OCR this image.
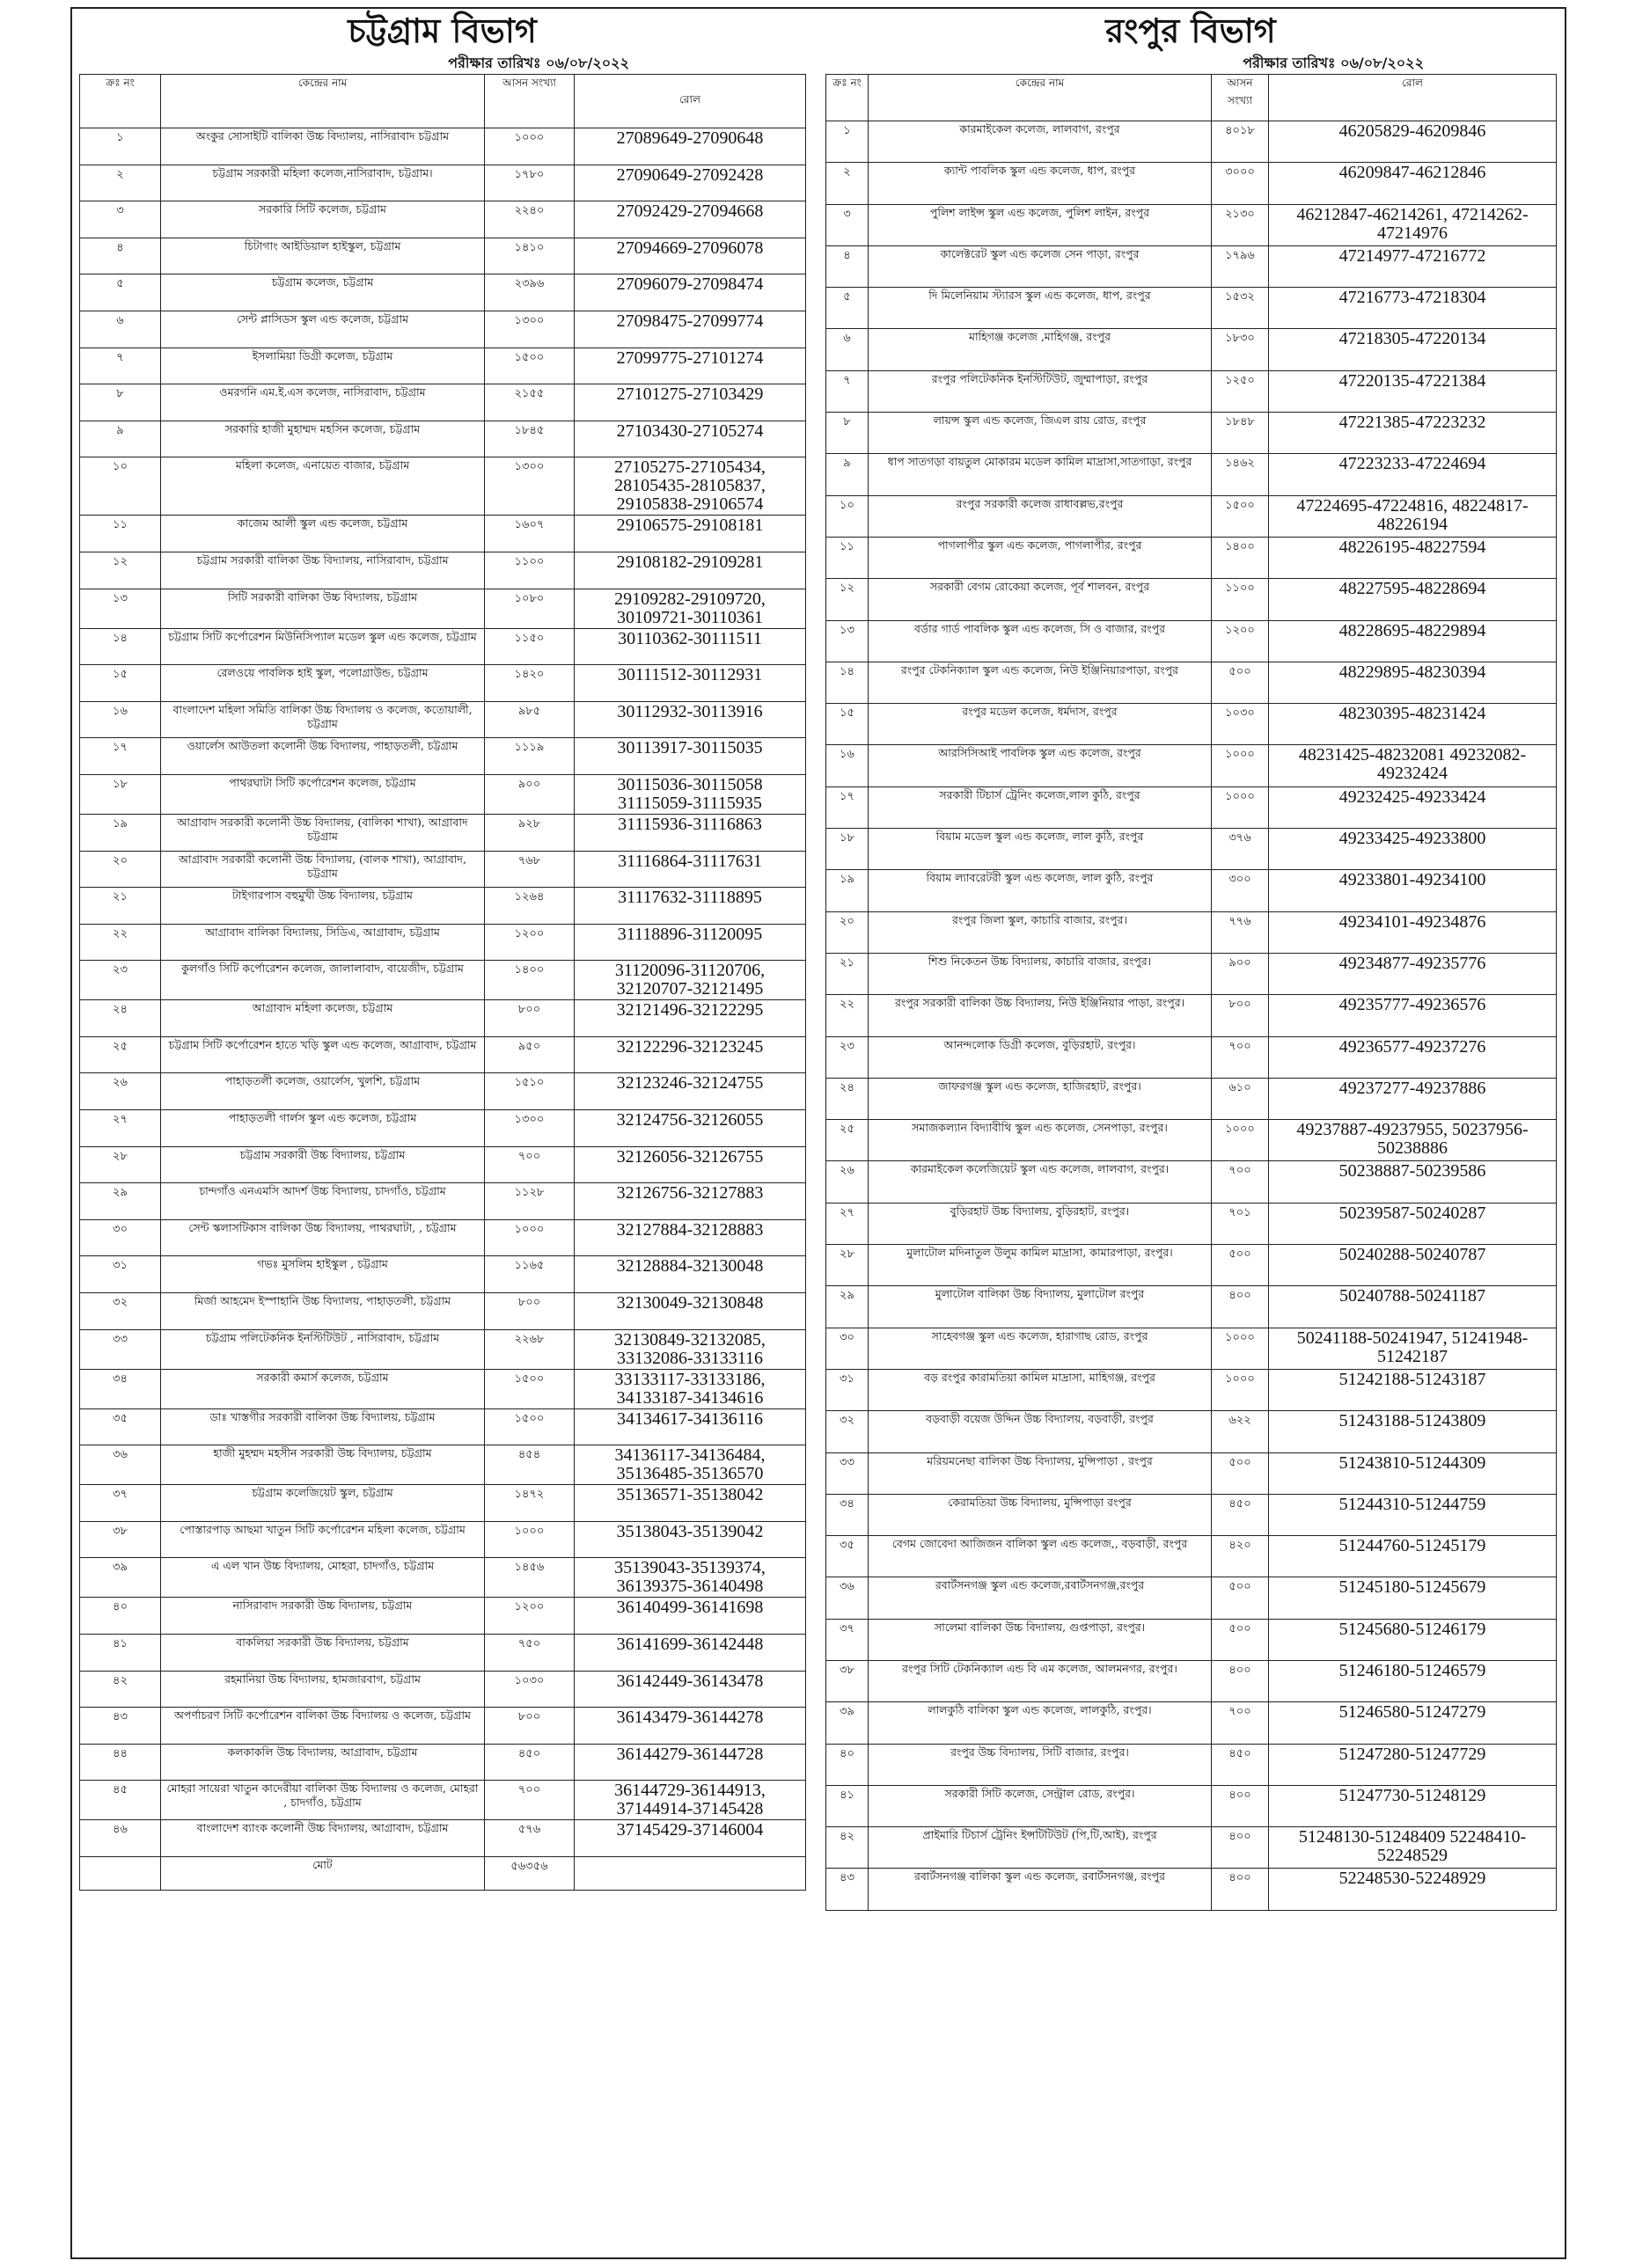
চট্টগ্রাম বিভাগ
পরীক্ষার তারিখঃ ০৬/০৮/২০২২
ক্রঃ নং	কেন্দ্রের নাম	আসন সংখ্যা	রোল
১	অংকুর সোসাইটি বালিকা উচ্চ বিদ্যালয়, নাসিরাবাদ চট্টগ্রাম	১০০০	27089649-27090648
২	চট্টগ্রাম সরকারী মহিলা কলেজ,নাসিরাবাদ, চট্টগ্রাম।	১৭৮০	27090649-27092428
৩	সরকারি সিটি কলেজ, চট্টগ্রাম	২২৪০	27092429-27094668
৪	চিটাগাং আইডিয়াল হাইস্কুল, চট্টগ্রাম	১৪১০	27094669-27096078
৫	চট্টগ্রাম কলেজ, চট্টগ্রাম	২৩৯৬	27096079-27098474
৬	সেন্ট প্লাসিডস স্কুল এন্ড কলেজ, চট্টগ্রাম	১৩০০	27098475-27099774
৭	ইসলামিয়া ডিগ্রী কলেজ, চট্টগ্রাম	১৫০০	27099775-27101274
৮	ওমরগনি এম.ই.এস কলেজ, নাসিরাবাদ, চট্টগ্রাম	২১৫৫	27101275-27103429
৯	সরকারি হাজী মুহাম্মদ মহসিন কলেজ, চট্টগ্রাম	১৮৪৫	27103430-27105274
১০	মহিলা কলেজ, এনায়েত বাজার, চট্টগ্রাম	১৩০০	27105275-27105434, 28105435-28105837, 29105838-29106574
১১	কাজেম আলী স্কুল এন্ড কলেজ, চট্টগ্রাম	১৬০৭	29106575-29108181
১২	চট্টগ্রাম সরকারী বালিকা উচ্চ বিদ্যালয়, নাসিরাবাদ, চট্টগ্রাম	১১০০	29108182-29109281
১৩	সিটি সরকারী বালিকা উচ্চ বিদ্যালয়, চট্টগ্রাম	১০৮০	29109282-29109720, 30109721-30110361
১৪	চট্টগ্রাম সিটি কর্পোরেশন মিউনিসিপ্যাল মডেল স্কুল এন্ড কলেজ, চট্টগ্রাম	১১৫০	30110362-30111511
১৫	রেলওয়ে পাবলিক হাই স্কুল, পলোগ্রাউন্ড, চট্টগ্রাম	১৪২০	30111512-30112931
১৬	বাংলাদেশ মহিলা সমিতি বালিকা উচ্চ বিদ্যালয় ও কলেজ, কতোয়ালী, চট্টগ্রাম	৯৮৫	30112932-30113916
১৭	ওয়ার্লেস আউতলা কলোনী উচ্চ বিদ্যালয়, পাহাড়তলী, চট্টগ্রাম	১১১৯	30113917-30115035
১৮	পাথরঘাটা সিটি কর্পোরেশন কলেজ, চট্টগ্রাম	৯০০	30115036-30115058 31115059-31115935
১৯	আগ্রাবাদ সরকারী কলোনী উচ্চ বিদ্যালয়, (বালিকা শাখা), আগ্রাবাদ চট্টগ্রাম	৯২৮	31115936-31116863
২০	আগ্রাবাদ সরকারী কলোনী উচ্চ বিদ্যালয়, (বালক শাখা), আগ্রাবাদ, চট্টগ্রাম	৭৬৮	31116864-31117631
২১	টাইগারপাস বহুমুখী উচ্চ বিদ্যালয়, চট্টগ্রাম	১২৬৪	31117632-31118895
২২	আগ্রাবাদ বালিকা বিদ্যালয়, সিডিএ, আগ্রাবাদ, চট্টগ্রাম	১২০০	31118896-31120095
২৩	কুলগাঁও সিটি কর্পোরেশন কলেজ, জালালাবাদ, বায়েজীদ, চট্টগ্রাম	১৪০০	31120096-31120706, 32120707-32121495
২৪	আগ্রাবাদ মহিলা কলেজ, চট্টগ্রাম	৮০০	32121496-32122295
২৫	চট্টগ্রাম সিটি কর্পোরেশন হাতে খড়ি স্কুল এন্ড কলেজ, আগ্রাবাদ, চট্টগ্রাম	৯৫০	32122296-32123245
২৬	পাহাড়তলী কলেজ, ওয়ার্লেস, খুলশি, চট্টগ্রাম	১৫১০	32123246-32124755
২৭	পাহাড়তলী গার্লস স্কুল এন্ড কলেজ, চট্টগ্রাম	১৩০০	32124756-32126055
২৮	চট্টগ্রাম সরকারী উচ্চ বিদ্যালয়, চট্টগ্রাম	৭০০	32126056-32126755
২৯	চান্দগাঁও এনএমসি আদর্শ উচ্চ বিদ্যালয়, চাদগাঁও, চট্টগ্রাম	১১২৮	32126756-32127883
৩০	সেন্ট স্কলাসটিকাস বালিকা উচ্চ বিদ্যালয়, পাথরঘাটা, , চট্টগ্রাম	১০০০	32127884-32128883
৩১	গভঃ মুসলিম হাইস্কুল , চট্টগ্রাম	১১৬৫	32128884-32130048
৩২	মির্জা আহমেদ ইস্পাহানি উচ্চ বিদ্যালয়, পাহাড়তলী, চট্টগ্রাম	৮০০	32130049-32130848
৩৩	চট্টগ্রাম পলিটেকনিক ইনস্টিটিউট , নাসিরাবাদ, চট্টগ্রাম	২২৬৮	32130849-32132085, 33132086-33133116
৩৪	সরকারী কমার্স কলেজ, চট্টগ্রাম	১৫০০	33133117-33133186, 34133187-34134616
৩৫	ডাঃ খাস্তগীর সরকারী বালিকা উচ্চ বিদ্যালয়, চট্টগ্রাম	১৫০০	34134617-34136116
৩৬	হাজী মুহম্মদ মহসীন সরকারী উচ্চ বিদ্যালয়, চট্টগ্রাম	৪৫৪	34136117-34136484, 35136485-35136570
৩৭	চট্টগ্রাম কলেজিয়েট স্কুল, চট্টগ্রাম	১৪৭২	35136571-35138042
৩৮	পোস্তারপাড় আছমা খাতুন সিটি কর্পোরেশন মহিলা কলেজ, চট্টগ্রাম	১০০০	35138043-35139042
৩৯	এ এল খান উচ্চ বিদ্যালয়, মোহরা, চাদগাঁও, চট্টগ্রাম	১৪৫৬	35139043-35139374, 36139375-36140498
৪০	নাসিরাবাদ সরকারী উচ্চ বিদ্যালয়, চট্টগ্রাম	১২০০	36140499-36141698
৪১	বাকলিয়া সরকারী উচ্চ বিদ্যালয়, চট্টগ্রাম	৭৫০	36141699-36142448
৪২	রহমানিয়া উচ্চ বিদ্যালয়, হামজারবাগ, চট্টগ্রাম	১০৩০	36142449-36143478
৪৩	অপর্ণাচরণ সিটি কর্পোরেশন বালিকা উচ্চ বিদ্যালয় ও কলেজ, চট্টগ্রাম	৮০০	36143479-36144278
৪৪	কলকাকলি উচ্চ বিদ্যালয়, আগ্রাবাদ, চট্টগ্রাম	৪৫০	36144279-36144728
৪৫	মোহরা সায়েরা খাতুন কাদেরীয়া বালিকা উচ্চ বিদ্যালয় ও কলেজ, মোহরা , চাদগাঁও, চট্টগ্রাম	৭০০	36144729-36144913, 37144914-37145428
৪৬	বাংলাদেশ ব্যাংক কলোনী উচ্চ বিদ্যালয়, আগ্রাবাদ, চট্টগ্রাম	৫৭৬	37145429-37146004
	মোট	৫৬৩৫৬	
রংপুর বিভাগ
পরীক্ষার তারিখঃ ০৬/০৮/২০২২
ক্রঃ নং	কেন্দ্রের নাম	আসন সংখ্যা	রোল
১	কারমাইকেল কলেজ, লালবাগ, রংপুর	৪০১৮	46205829-46209846
২	ক্যান্ট পাবলিক স্কুল এন্ড কলেজ, ধাপ, রংপুর	৩০০০	46209847-46212846
৩	পুলিশ লাইন্স স্কুল এন্ড কলেজ, পুলিশ লাইন, রংপুর	২১৩০	46212847-46214261, 47214262-47214976
৪	কালেক্টরেট স্কুল এন্ড কলেজ সেন পাড়া, রংপুর	১৭৯৬	47214977-47216772
৫	দি মিলেনিয়াম স্ট্যারস স্কুল এন্ড কলেজ, ধাপ, রংপুর	১৫৩২	47216773-47218304
৬	মাহিগঞ্জ কলেজ ,মাহিগঞ্জ, রংপুর	১৮৩০	47218305-47220134
৭	রংপুর পলিটেকনিক ইনস্টিটিউট, জুম্মাপাড়া, রংপুর	১২৫০	47220135-47221384
৮	লায়ন্স স্কুল এন্ড কলেজ, জিএল রায় রোড, রংপুর	১৮৪৮	47221385-47223232
৯	ধাপ সাতগড়া বায়তুল মোকারম মডেল কামিল মাদ্রাসা,সাতগাড়া, রংপুর	১৪৬২	47223233-47224694
১০	রংপুর সরকারী কলেজ রাধাবল্লভ,রংপুর	১৫০০	47224695-47224816, 48224817-48226194
১১	পাগলাপীর স্কুল এন্ড কলেজ, পাগলাপীর, রংপুর	১৪০০	48226195-48227594
১২	সরকারী বেগম রোকেয়া কলেজ, পূর্ব শালবন, রংপুর	১১০০	48227595-48228694
১৩	বর্ডার গার্ড পাবলিক স্কুল এন্ড কলেজ, সি ও বাজার, রংপুর	১২০০	48228695-48229894
১৪	রংপুর টেকনিক্যাল স্কুল এন্ড কলেজ, নিউ ইঞ্জিনিয়ারপাড়া, রংপুর	৫০০	48229895-48230394
১৫	রংপুর মডেল কলেজ, ধর্মদাস, রংপুর	১০৩০	48230395-48231424
১৬	আরসিসিআই পাবলিক স্কুল এন্ড কলেজ, রংপুর	১০০০	48231425-48232081 49232082-49232424
১৭	সরকারী টিচার্স ট্রেনিং কলেজ,লাল কুঠি, রংপুর	১০০০	49232425-49233424
১৮	বিয়াম মডেল স্কুল এন্ড কলেজ, লাল কুঠি, রংপুর	৩৭৬	49233425-49233800
১৯	বিয়াম ল্যাবরেটরী স্কুল এন্ড কলেজ, লাল কুঠি, রংপুর	৩০০	49233801-49234100
২০	রংপুর জিলা স্কুল, কাচারি বাজার, রংপুর।	৭৭৬	49234101-49234876
২১	শিশু নিকেতন উচ্চ বিদ্যালয়, কাচারি বাজার, রংপুর।	৯০০	49234877-49235776
২২	রংপুর সরকারী বালিকা উচ্চ বিদ্যালয়, নিউ ইঞ্জিনিয়ার পাড়া, রংপুর।	৮০০	49235777-49236576
২৩	আনন্দলোক ডিগ্রী কলেজ, বুড়িরহাট, রংপুর।	৭০০	49236577-49237276
২৪	জাফরগঞ্জ স্কুল এন্ড কলেজ, হাজিরহাট, রংপুর।	৬১০	49237277-49237886
২৫	সমাজকল্যান বিদ্যাবীথি স্কুল এন্ড কলেজ, সেনপাড়া, রংপুর।	১০০০	49237887-49237955, 50237956-50238886
২৬	কারমাইকেল কলেজিয়েট স্কুল এন্ড কলেজ, লালবাগ, রংপুর।	৭০০	50238887-50239586
২৭	বুড়িরহাট উচ্চ বিদ্যালয়, বুড়িরহাট, রংপুর।	৭০১	50239587-50240287
২৮	মুলাটোল মদিনাতুল উলুম কামিল মাদ্রাসা, কামারপাড়া, রংপুর।	৫০০	50240288-50240787
২৯	মুলাটোল বালিকা উচ্চ বিদ্যালয়, মুলাটোল রংপুর	৪০০	50240788-50241187
৩০	সাহেবগঞ্জ স্কুল এন্ড কলেজ, হারাগাছ রোড, রংপুর	১০০০	50241188-50241947, 51241948-51242187
৩১	বড় রংপুর কারামতিয়া কামিল মাদ্রাসা, মাহিগঞ্জ, রংপুর	১০০০	51242188-51243187
৩২	বড়বাড়ী বয়েজ উদ্দিন উচ্চ বিদ্যালয়, বড়বাড়ী, রংপুর	৬২২	51243188-51243809
৩৩	মরিয়মনেছা বালিকা উচ্চ বিদ্যালয়, মুন্সিপাড়া , রংপুর	৫০০	51243810-51244309
৩৪	কেরামতিয়া উচ্চ বিদ্যালয়, মুন্সিপাড়া রংপুর	৪৫০	51244310-51244759
৩৫	বেগম জোবেদা আজিজন বালিকা স্কুল এন্ড কলেজ,, বড়বাড়ী, রংপুর	৪২০	51244760-51245179
৩৬	রবার্টসনগঞ্জ স্কুল এন্ড কলেজ,রবার্টসনগঞ্জ,রংপুর	৫০০	51245180-51245679
৩৭	সালেমা বালিকা উচ্চ বিদ্যালয়, গুপ্তপাড়া, রংপুর।	৫০০	51245680-51246179
৩৮	রংপুর সিটি টেকনিক্যাল এন্ড বি এম কলেজ, আলমনগর, রংপুর।	৪০০	51246180-51246579
৩৯	লালকুঠি বালিকা স্কুল এন্ড কলেজ, লালকুঠি, রংপুর।	৭০০	51246580-51247279
৪০	রংপুর উচ্চ বিদ্যালয়, সিটি বাজার, রংপুর।	৪৫০	51247280-51247729
৪১	সরকারী সিটি কলেজ, সেন্ট্রাল রোড, রংপুর।	৪০০	51247730-51248129
৪২	প্রাইমারি টিচার্স ট্রেনিং ইন্সটিটিউট (পি,টি,আই), রংপুর	৪০০	51248130-51248409 52248410-52248529
৪৩	রবার্টসনগঞ্জ বালিকা স্কুল এন্ড কলেজ, রবার্টসনগঞ্জ, রংপুর	৪০০	52248530-52248929
